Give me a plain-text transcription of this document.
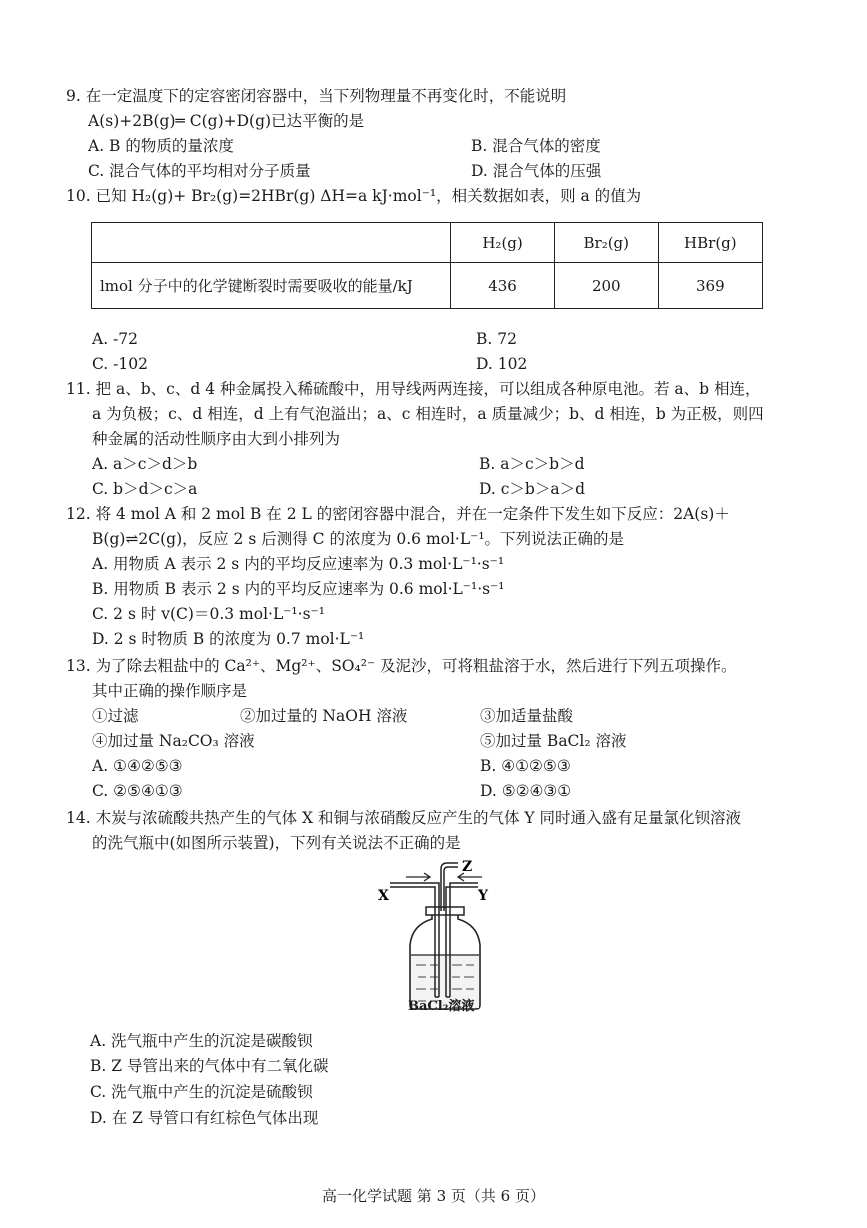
9. 在一定温度下的定容密闭容器中，当下列物理量不再变化时，不能说明
A(s)+2B(g)═ C(g)+D(g)已达平衡的是
A. B 的物质的量浓度	B. 混合气体的密度
C. 混合气体的平均相对分子质量	D. 混合气体的压强
10. 已知 H₂(g)+ Br₂(g)=2HBr(g) ΔH=a kJ·mol⁻¹，相关数据如表，则 a 的值为
	H₂(g)	Br₂(g)	HBr(g)
lmol 分子中的化学键断裂时需要吸收的能量/kJ	436	200	369
A. -72	B. 72
C. -102	D. 102
11. 把 a、b、c、d 4 种金属投入稀硫酸中，用导线两两连接，可以组成各种原电池。若 a、b 相连，
a 为负极；c、d 相连，d 上有气泡溢出；a、c 相连时，a 质量减少；b、d 相连，b 为正极，则四
种金属的活动性顺序由大到小排列为
A. a＞c＞d＞b	B. a＞c＞b＞d
C. b＞d＞c＞a	D. c＞b＞a＞d
12. 将 4 mol A 和 2 mol B 在 2 L 的密闭容器中混合，并在一定条件下发生如下反应：2A(s)＋
B(g)⇌2C(g)，反应 2 s 后测得 C 的浓度为 0.6 mol·L⁻¹。下列说法正确的是
A. 用物质 A 表示 2 s 内的平均反应速率为 0.3 mol·L⁻¹·s⁻¹
B. 用物质 B 表示 2 s 内的平均反应速率为 0.6 mol·L⁻¹·s⁻¹
C. 2 s 时 v(C)＝0.3 mol·L⁻¹·s⁻¹
D. 2 s 时物质 B 的浓度为 0.7 mol·L⁻¹
13. 为了除去粗盐中的 Ca²⁺、Mg²⁺、SO₄²⁻ 及泥沙，可将粗盐溶于水，然后进行下列五项操作。
其中正确的操作顺序是
①过滤	②加过量的 NaOH 溶液	③加适量盐酸
④加过量 Na₂CO₃ 溶液	⑤加过量 BaCl₂ 溶液
A. ①④②⑤③	B. ④①②⑤③
C. ②⑤④①③	D. ⑤②④③①
14. 木炭与浓硫酸共热产生的气体 X 和铜与浓硝酸反应产生的气体 Y 同时通入盛有足量氯化钡溶液
的洗气瓶中(如图所示装置)，下列有关说法不正确的是
X	Y
Z
BaCl₂溶液
A. 洗气瓶中产生的沉淀是碳酸钡
B. Z 导管出来的气体中有二氧化碳
C. 洗气瓶中产生的沉淀是硫酸钡
D. 在 Z 导管口有红棕色气体出现
高一化学试题 第 3 页（共 6 页）
